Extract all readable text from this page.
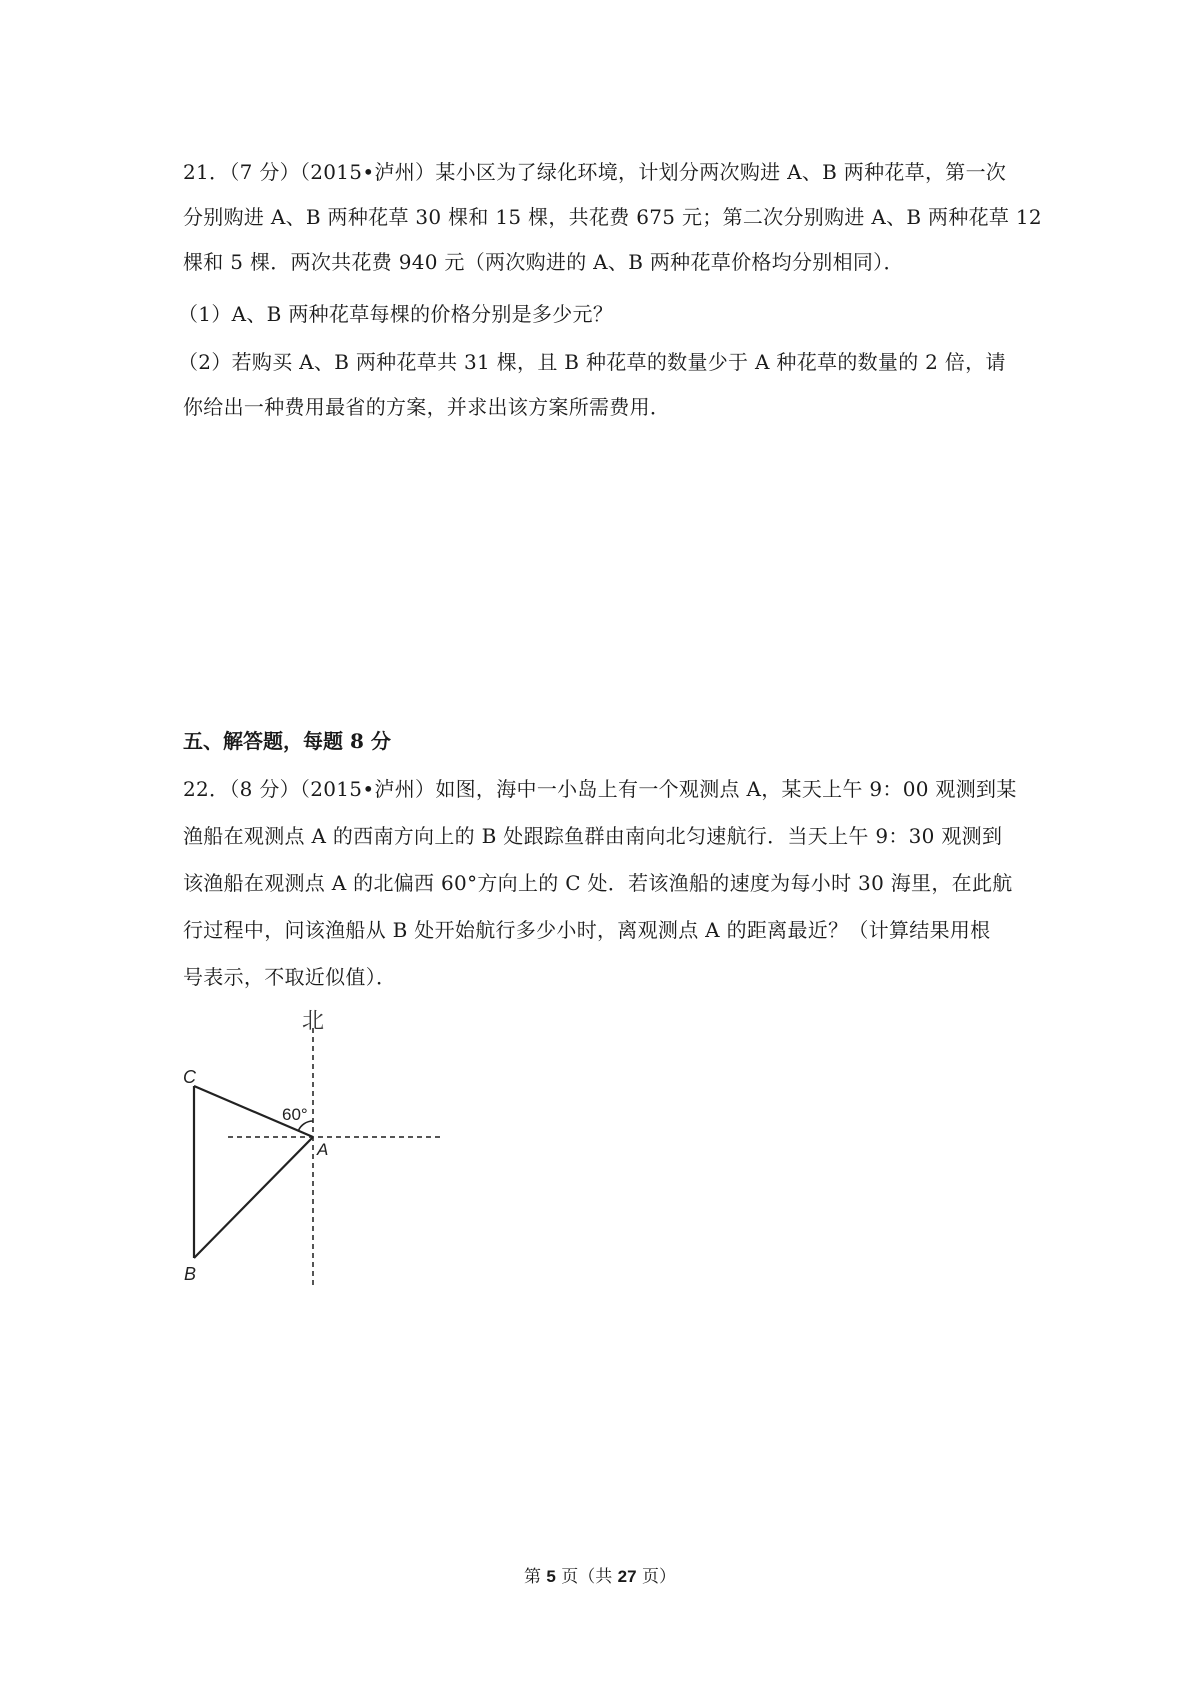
21．（7 分）（2015•泸州）某小区为了绿化环境，计划分两次购进 A、B 两种花草，第一次
分别购进 A、B 两种花草 30 棵和 15 棵，共花费 675 元；第二次分别购进 A、B 两种花草 12
棵和 5 棵．两次共花费 940 元（两次购进的 A、B 两种花草价格均分别相同）．
（1）A、B 两种花草每棵的价格分别是多少元？
（2）若购买 A、B 两种花草共 31 棵，且 B 种花草的数量少于 A 种花草的数量的 2 倍，请
你给出一种费用最省的方案，并求出该方案所需费用．
五、解答题，每题 8 分
22．（8 分）（2015•泸州）如图，海中一小岛上有一个观测点 A，某天上午 9：00 观测到某
渔船在观测点 A 的西南方向上的 B 处跟踪鱼群由南向北匀速航行．当天上午 9：30 观测到
该渔船在观测点 A 的北偏西 60°方向上的 C 处．若该渔船的速度为每小时 30 海里，在此航
行过程中，问该渔船从 B 处开始航行多少小时，离观测点 A 的距离最近？（计算结果用根
号表示，不取近似值）．
北
60°
A
B
C
第 5 页（共 27 页）
